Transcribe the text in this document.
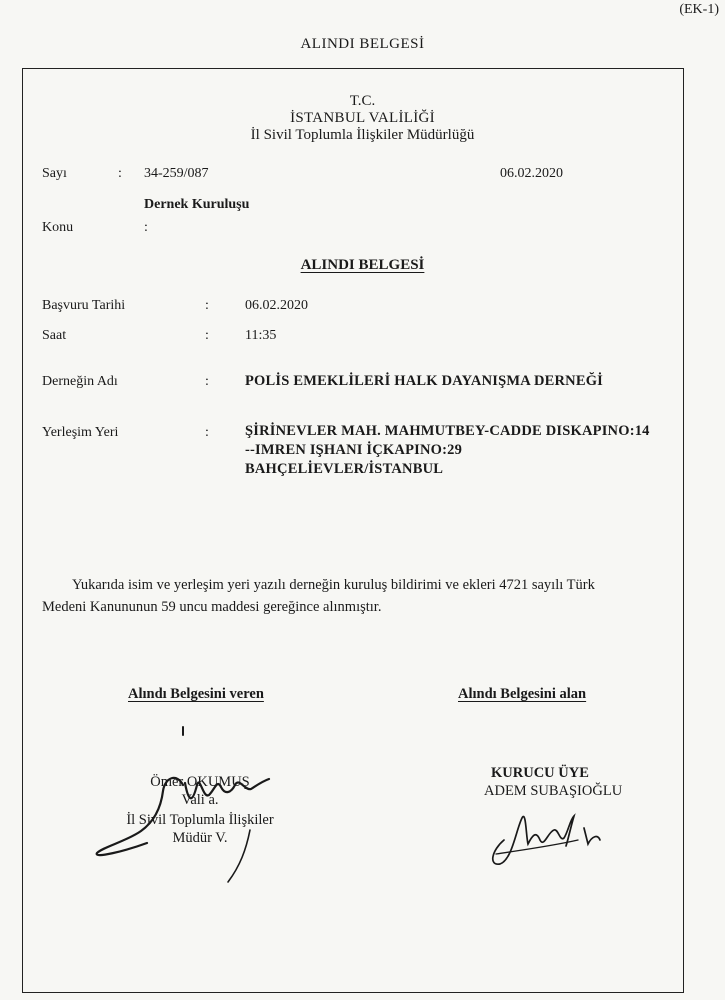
(EK-1)
ALINDI BELGESİ
T.C.
İSTANBUL VALİLİĞİ
İl Sivil Toplumla İlişkiler Müdürlüğü
Sayı	: 34-259/087	06.02.2020
Dernek Kuruluşu
Konu	:
ALINDI BELGESİ
Başvuru Tarihi	:	06.02.2020
Saat	:	11:35
Derneğin Adı	: POLİS EMEKLİLERİ HALK DAYANIŞMA DERNEĞİ
Yerleşim Yeri	: ŞİRİNEVLER MAH. MAHMUTBEY-CADDE DISKAPINO:14
--IMREN IŞHANI İÇKAPINO:29
BAHÇELİEVLER/İSTANBUL

Yukarıda isim ve yerleşim yeri yazılı derneğin kuruluş bildirimi ve ekleri 4721 sayılı Türk

Medeni Kanununun 59 uncu maddesi gereğince alınmıştır.

Alındı Belgesini veren	Alındı Belgesini alan
Ömer OKUMUŞ
Vali a.
İl Sivil Toplumla İlişkiler
Müdür V.
KURUCU ÜYE
ADEM SUBAŞIOĞLU
